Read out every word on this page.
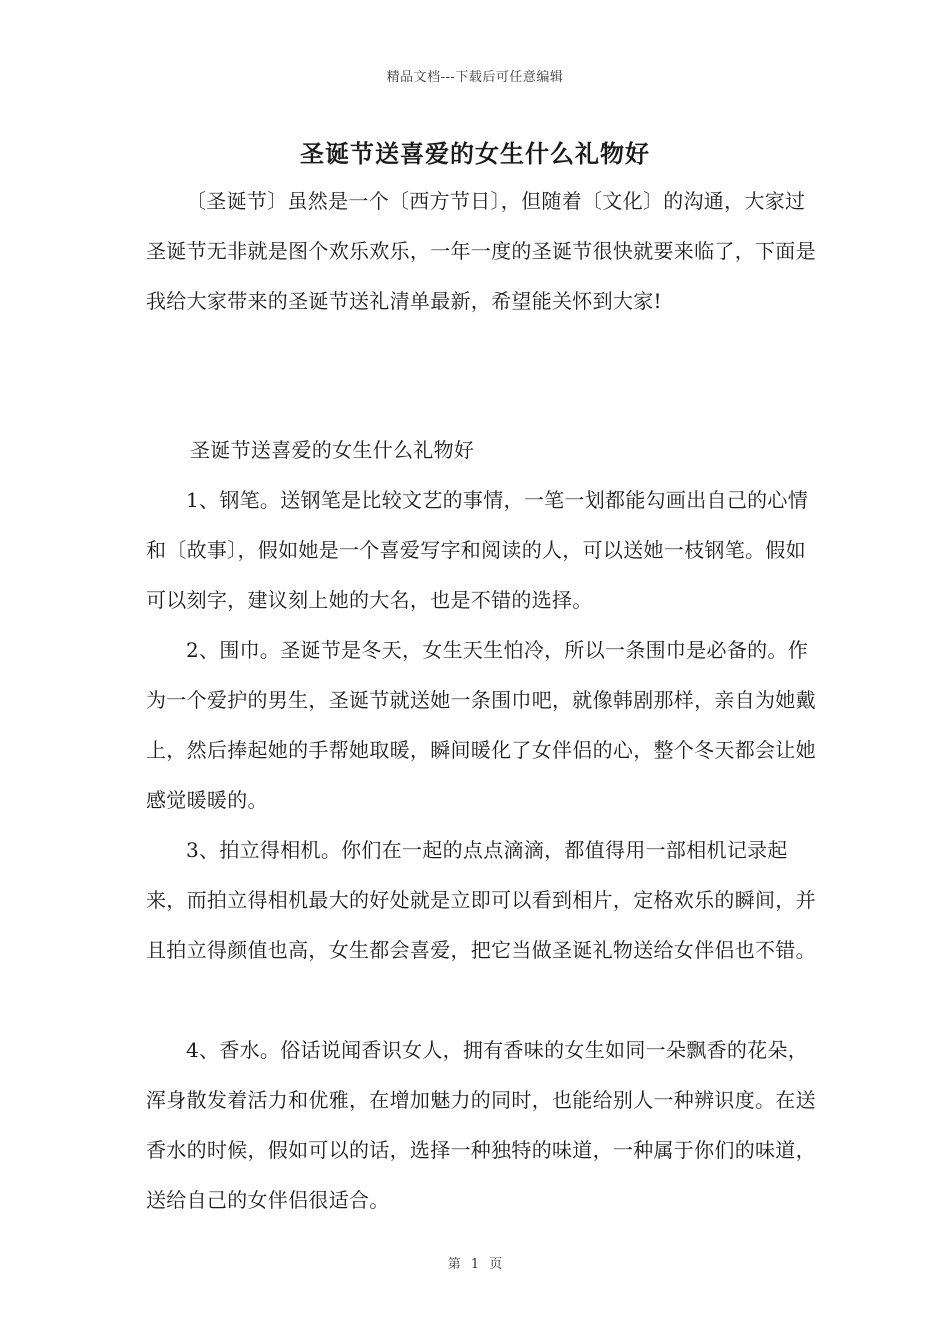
精品文档---下载后可任意编辑
圣诞节送喜爱的女生什么礼物好

〔圣诞节〕虽然是一个〔西方节日〕，但随着〔文化〕的沟通，大家过圣诞节无非就是图个欢乐欢乐，一年一度的圣诞节很快就要来临了，下面是我给大家带来的圣诞节送礼清单最新，希望能关怀到大家!

圣诞节送喜爱的女生什么礼物好

1、钢笔。送钢笔是比较文艺的事情，一笔一划都能勾画出自己的心情和〔故事〕，假如她是一个喜爱写字和阅读的人，可以送她一枝钢笔。假如可以刻字，建议刻上她的大名，也是不错的选择。

2、围巾。圣诞节是冬天，女生天生怕冷，所以一条围巾是必备的。作为一个爱护的男生，圣诞节就送她一条围巾吧，就像韩剧那样，亲自为她戴上，然后捧起她的手帮她取暖，瞬间暖化了女伴侣的心，整个冬天都会让她感觉暖暖的。

3、拍立得相机。你们在一起的点点滴滴，都值得用一部相机记录起来，而拍立得相机最大的好处就是立即可以看到相片，定格欢乐的瞬间，并且拍立得颜值也高，女生都会喜爱，把它当做圣诞礼物送给女伴侣也不错。

4、香水。俗话说闻香识女人，拥有香味的女生如同一朵飘香的花朵，浑身散发着活力和优雅，在增加魅力的同时，也能给别人一种辨识度。在送香水的时候，假如可以的话，选择一种独特的味道，一种属于你们的味道，送给自己的女伴侣很适合。

第 1 页
